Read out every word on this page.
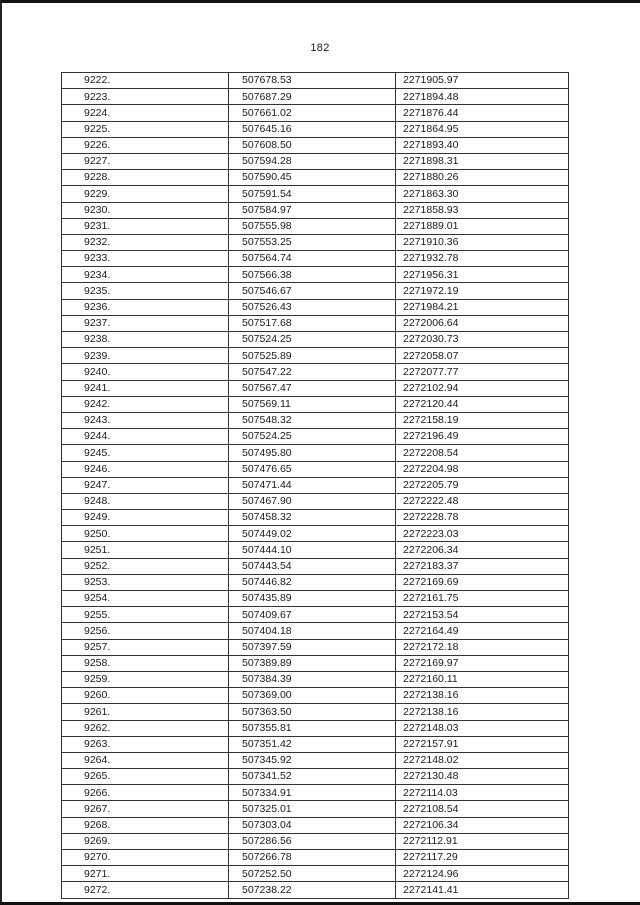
182
9222.	507678.53	2271905.97
9223.	507687.29	2271894.48
9224.	507661.02	2271876.44
9225.	507645.16	2271864.95
9226.	507608.50	2271893.40
9227.	507594.28	2271898.31
9228.	507590.45	2271880.26
9229.	507591.54	2271863.30
9230.	507584.97	2271858.93
9231.	507555.98	2271889.01
9232.	507553.25	2271910.36
9233.	507564.74	2271932.78
9234.	507566.38	2271956.31
9235.	507546.67	2271972.19
9236.	507526.43	2271984.21
9237.	507517.68	2272006.64
9238.	507524.25	2272030.73
9239.	507525.89	2272058.07
9240.	507547.22	2272077.77
9241.	507567.47	2272102.94
9242.	507569.11	2272120.44
9243.	507548.32	2272158.19
9244.	507524.25	2272196.49
9245.	507495.80	2272208.54
9246.	507476.65	2272204.98
9247.	507471.44	2272205.79
9248.	507467.90	2272222.48
9249.	507458.32	2272228.78
9250.	507449.02	2272223.03
9251.	507444.10	2272206.34
9252.	507443.54	2272183.37
9253.	507446.82	2272169.69
9254.	507435.89	2272161.75
9255.	507409.67	2272153.54
9256.	507404.18	2272164.49
9257.	507397.59	2272172.18
9258.	507389.89	2272169.97
9259.	507384.39	2272160.11
9260.	507369.00	2272138.16
9261.	507363.50	2272138.16
9262.	507355.81	2272148.03
9263.	507351.42	2272157.91
9264.	507345.92	2272148.02
9265.	507341.52	2272130.48
9266.	507334.91	2272114.03
9267.	507325.01	2272108.54
9268.	507303.04	2272106.34
9269.	507286.56	2272112.91
9270.	507266.78	2272117.29
9271.	507252.50	2272124.96
9272.	507238.22	2272141.41
